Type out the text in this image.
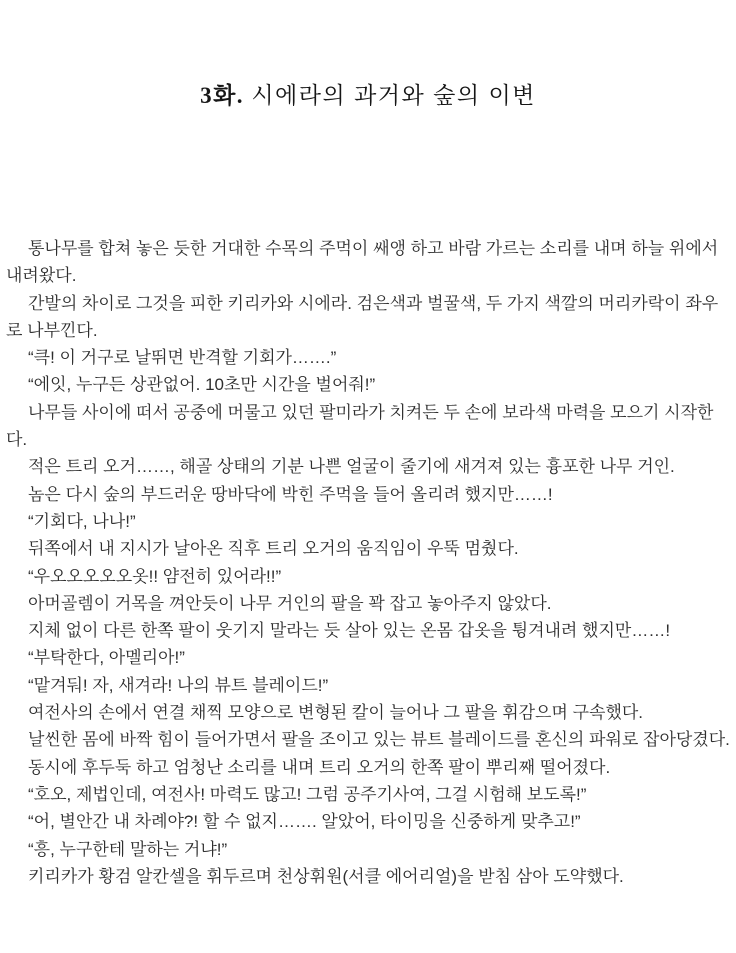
3화. 시에라의 과거와 숲의 이변

통나무를 합쳐 놓은 듯한 거대한 수목의 주먹이 쌔앵 하고 바람 가르는 소리를 내며 하늘 위에서 내려왔다.

간발의 차이로 그것을 피한 키리카와 시에라. 검은색과 벌꿀색, 두 가지 색깔의 머리카락이 좌우로 나부낀다.

“큭! 이 거구로 날뛰면 반격할 기회가…….”

“에잇, 누구든 상관없어. 10초만 시간을 벌어줘!”

나무들 사이에 떠서 공중에 머물고 있던 팔미라가 치켜든 두 손에 보라색 마력을 모으기 시작한다.

적은 트리 오거……, 해골 상태의 기분 나쁜 얼굴이 줄기에 새겨져 있는 흉포한 나무 거인.

놈은 다시 숲의 부드러운 땅바닥에 박힌 주먹을 들어 올리려 했지만……!

“기회다, 나나!”

뒤쪽에서 내 지시가 날아온 직후 트리 오거의 움직임이 우뚝 멈췄다.

“우오오오오오옷!! 얌전히 있어라!!”

아머골렘이 거목을 껴안듯이 나무 거인의 팔을 꽉 잡고 놓아주지 않았다.

지체 없이 다른 한쪽 팔이 웃기지 말라는 듯 살아 있는 온몸 갑옷을 튕겨내려 했지만……!

“부탁한다, 아멜리아!”

“맡겨둬! 자, 새겨라! 나의 뷰트 블레이드!”

여전사의 손에서 연결 채찍 모양으로 변형된 칼이 늘어나 그 팔을 휘감으며 구속했다.

날씬한 몸에 바짝 힘이 들어가면서 팔을 조이고 있는 뷰트 블레이드를 혼신의 파워로 잡아당겼다.

동시에 후두둑 하고 엄청난 소리를 내며 트리 오거의 한쪽 팔이 뿌리째 떨어졌다.

“호오, 제법인데, 여전사! 마력도 많고! 그럼 공주기사여, 그걸 시험해 보도록!”

“어, 별안간 내 차례야?! 할 수 없지……. 알았어, 타이밍을 신중하게 맞추고!”

“흥, 누구한테 말하는 거냐!”

키리카가 황검 알칸셀을 휘두르며 천상휘원(서클 에어리얼)을 받침 삼아 도약했다.
